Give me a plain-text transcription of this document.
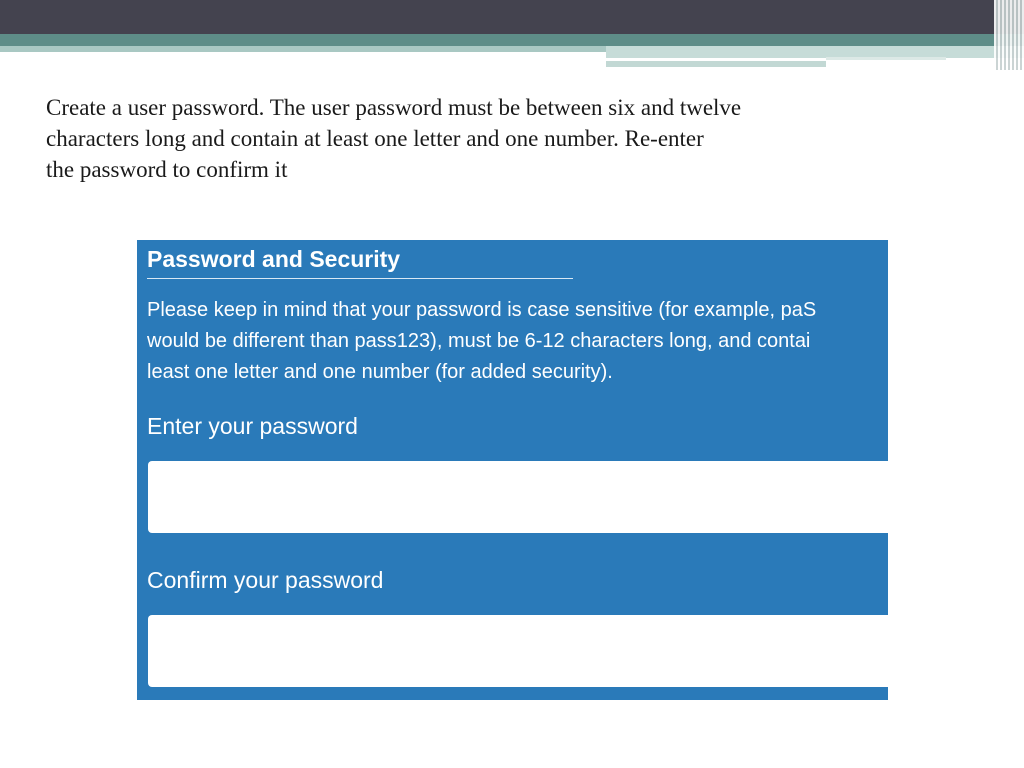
Create a user password. The user password must be between six and twelve
characters long and contain at least one letter and one number. Re-enter
the password to confirm it

Password and Security

Please keep in mind that your password is case sensitive (for example, paS
would be different than pass123), must be 6-12 characters long, and contai
least one letter and one number (for added security).

Enter your password

Confirm your password
